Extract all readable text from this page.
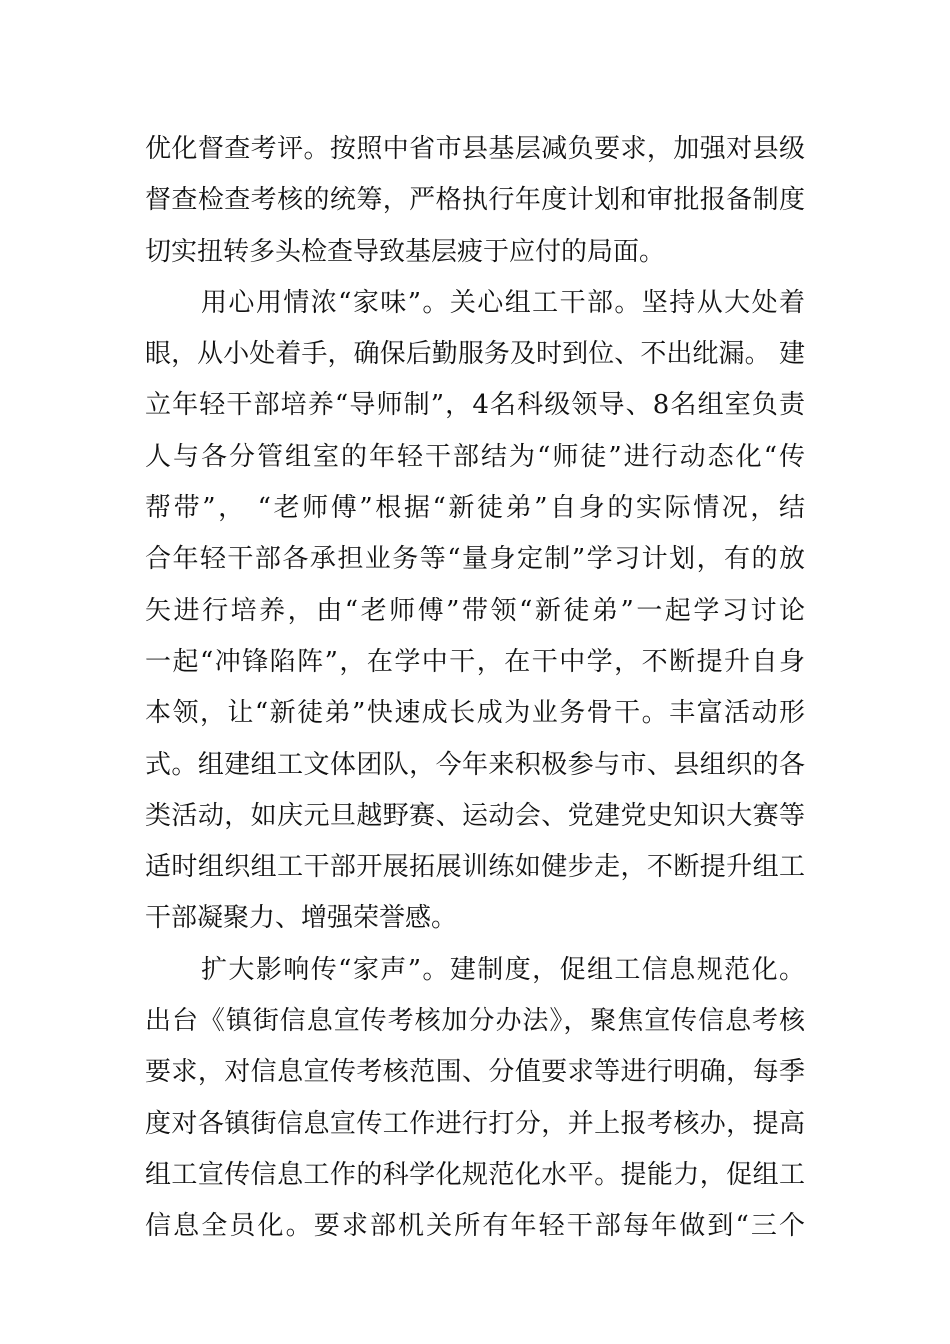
优化督查考评。按照中省市县基层减负要求，加强对县级
督查检查考核的统筹，严格执行年度计划和审批报备制度
切实扭转多头检查导致基层疲于应付的局面。
用心用情浓“家味”。关心组工干部。坚持从大处着
眼，从小处着手，确保后勤服务及时到位、不出纰漏。 建
立年轻干部培养“导师制”，4名科级领导、8名组室负责
人与各分管组室的年轻干部结为“师徒”进行动态化“传
帮带”， “老师傅”根据“新徒弟”自身的实际情况，结
合年轻干部各承担业务等“量身定制”学习计划，有的放
矢进行培养，由“老师傅”带领“新徒弟”一起学习讨论
一起“冲锋陷阵”，在学中干，在干中学，不断提升自身
本领，让“新徒弟”快速成长成为业务骨干。丰富活动形
式。组建组工文体团队，今年来积极参与市、县组织的各
类活动，如庆元旦越野赛、运动会、党建党史知识大赛等
适时组织组工干部开展拓展训练如健步走，不断提升组工
干部凝聚力、增强荣誉感。
扩大影响传“家声”。建制度，促组工信息规范化。
出台《镇街信息宣传考核加分办法》，聚焦宣传信息考核
要求，对信息宣传考核范围、分值要求等进行明确，每季
度对各镇街信息宣传工作进行打分，并上报考核办，提高
组工宣传信息工作的科学化规范化水平。提能力，促组工
信息全员化。要求部机关所有年轻干部每年做到“三个
